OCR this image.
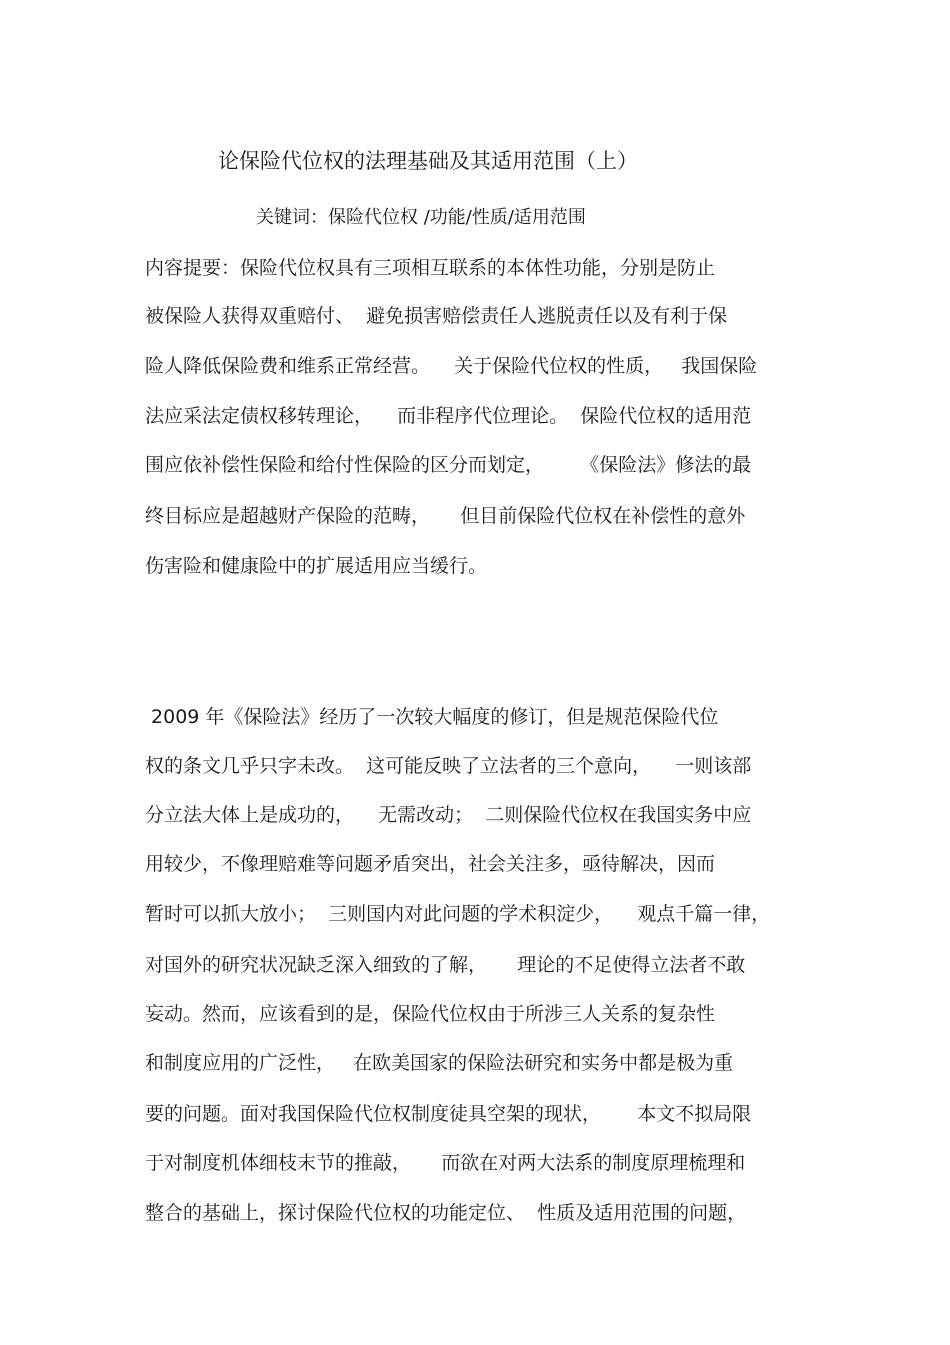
论保险代位权的法理基础及其适用范围（上）
关键词：保险代位权 /功能/性质/适用范围
内容提要：保险代位权具有三项相互联系的本体性功能，分别是防止
被保险人获得双重赔付、  避免损害赔偿责任人逃脱责任以及有利于保
险人降低保险费和维系正常经营。    关于保险代位权的性质，   我国保险
法应采法定债权移转理论，    而非程序代位理论。  保险代位权的适用范
围应依补偿性保险和给付性保险的区分而划定，      《保险法》修法的最
终目标应是超越财产保险的范畴，     但目前保险代位权在补偿性的意外
伤害险和健康险中的扩展适用应当缓行。
2009 年《保险法》经历了一次较大幅度的修订，但是规范保险代位
权的条文几乎只字未改。  这可能反映了立法者的三个意向，    一则该部
分立法大体上是成功的，    无需改动；  二则保险代位权在我国实务中应
用较少，不像理赔难等问题矛盾突出，社会关注多，亟待解决，因而
暂时可以抓大放小；  三则国内对此问题的学术积淀少，    观点千篇一律，
对国外的研究状况缺乏深入细致的了解，     理论的不足使得立法者不敢
妄动。然而，应该看到的是，保险代位权由于所涉三人关系的复杂性
和制度应用的广泛性，   在欧美国家的保险法研究和实务中都是极为重
要的问题。面对我国保险代位权制度徒具空架的现状，      本文不拟局限
于对制度机体细枝末节的推敲，     而欲在对两大法系的制度原理梳理和
整合的基础上，探讨保险代位权的功能定位、  性质及适用范围的问题，
